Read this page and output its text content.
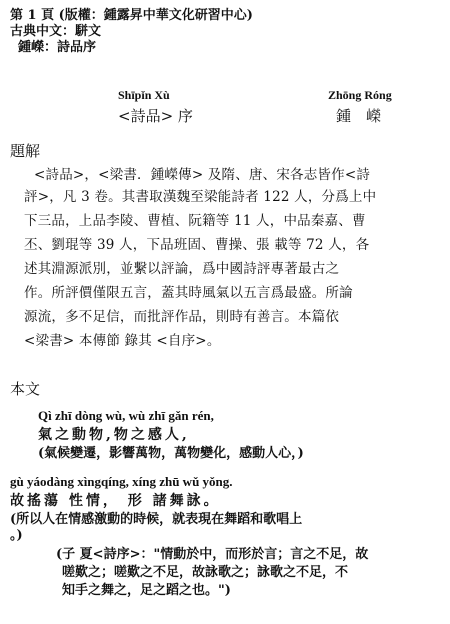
第 1 頁 (版權：鍾露昇中華文化研習中心)
古典中文：駢文
鍾嶸：詩品序
Shīpǐn Xù
<詩品> 序
Zhōng Róng
鍾　嶸
題解
<詩品>，<梁書．鍾嶸傳> 及隋、唐、宋各志皆作<詩
評>，凡 3 卷。其書取漢魏至梁能詩者 122 人，分爲上中
下三品，上品李陵、曹植、阮籍等 11 人，中品秦嘉、曹
丕、劉琨等 39 人，下品班固、曹操、張 載等 72 人，各
述其淵源派別，並繫以評論，爲中國詩評專著最古之
作。所評價僅限五言，蓋其時風氣以五言爲最盛。所論
源流，多不足信，而批評作品，則時有善言。本篇依
<梁書> 本傳節 錄其 <自序>。
本文
Qì zhī dòng wù, wù zhī gǎn rén,
氣之動物,物之感人,
(氣候變遷，影響萬物，萬物變化，感動人心，)
gù yáodàng xìngqíng, xíng zhū wǔ yǒng.
故搖蕩 性情， 形 諸舞詠。
(所以人在情感激動的時候，就表現在舞蹈和歌唱上
。)
(子 夏<詩序>："情動於中，而形於言；言之不足，故
嗟歎之；嗟歎之不足，故詠歌之；詠歌之不足，不
知手之舞之，足之蹈之也。")
